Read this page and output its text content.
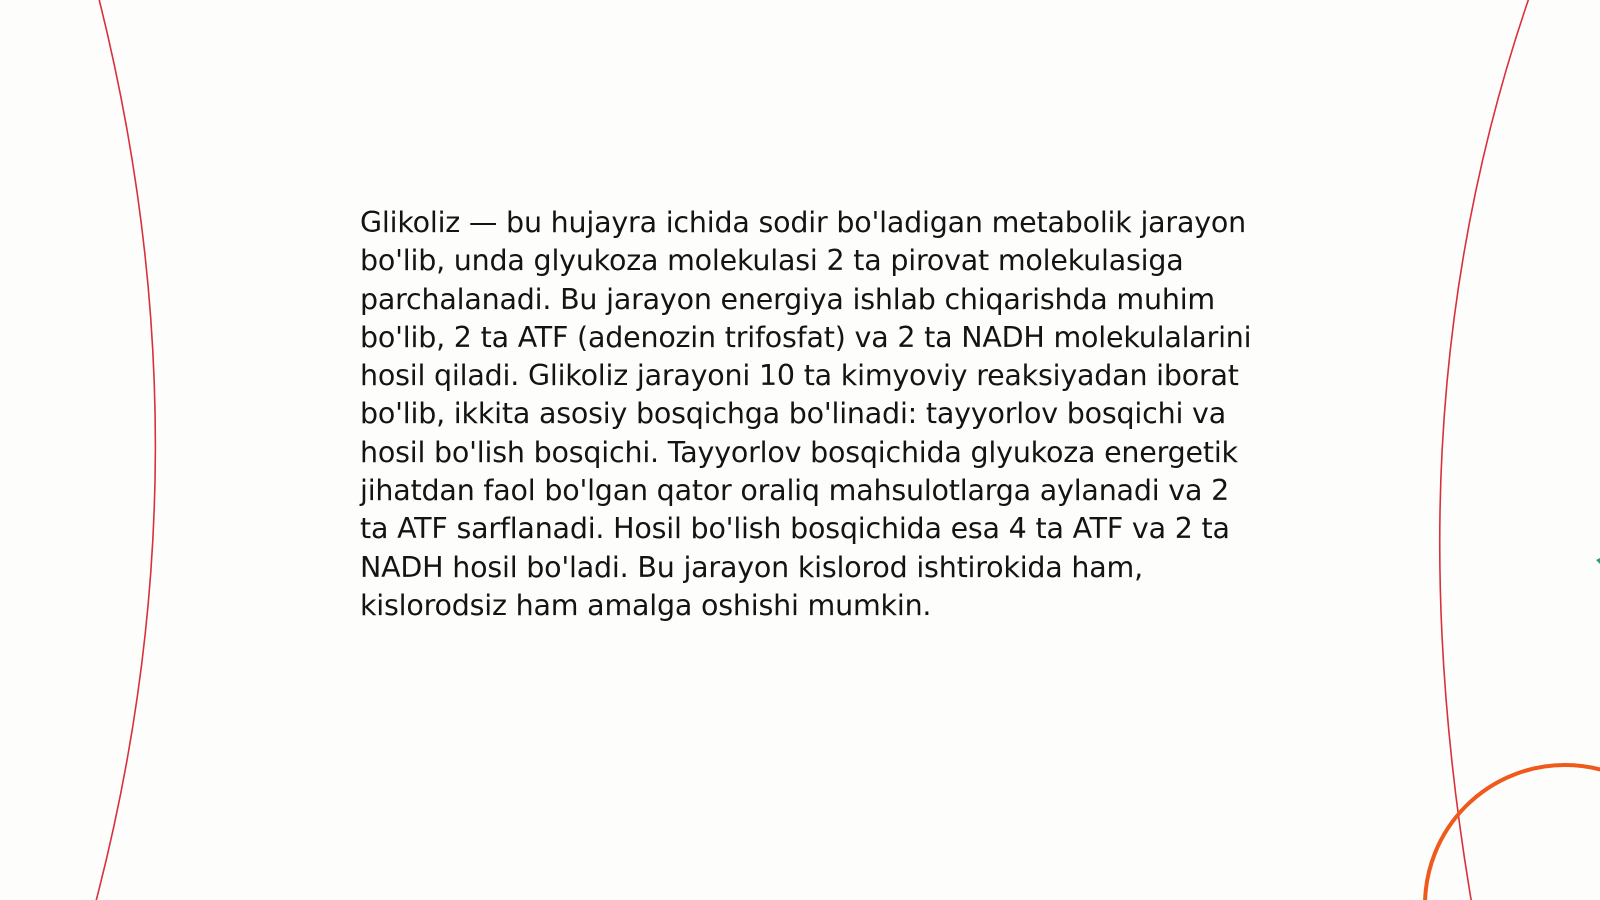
Glikoliz — bu hujayra ichida sodir bo'ladigan metabolik jarayon bo'lib, unda glyukoza molekulasi 2 ta pirovat molekulasiga parchalanadi. Bu jarayon energiya ishlab chiqarishda muhim bo'lib, 2 ta ATF (adenozin trifosfat) va 2 ta NADH molekulalarini hosil qiladi. Glikoliz jarayoni 10 ta kimyoviy reaksiyadan iborat bo'lib, ikkita asosiy bosqichga bo'linadi: tayyorlov bosqichi va hosil bo'lish bosqichi. Tayyorlov bosqichida glyukoza energetik jihatdan faol bo'lgan qator oraliq mahsulotlarga aylanadi va 2 ta ATF sarflanadi. Hosil bo'lish bosqichida esa 4 ta ATF va 2 ta NADH hosil bo'ladi. Bu jarayon kislorod ishtirokida ham, kislorodsiz ham amalga oshishi mumkin.
